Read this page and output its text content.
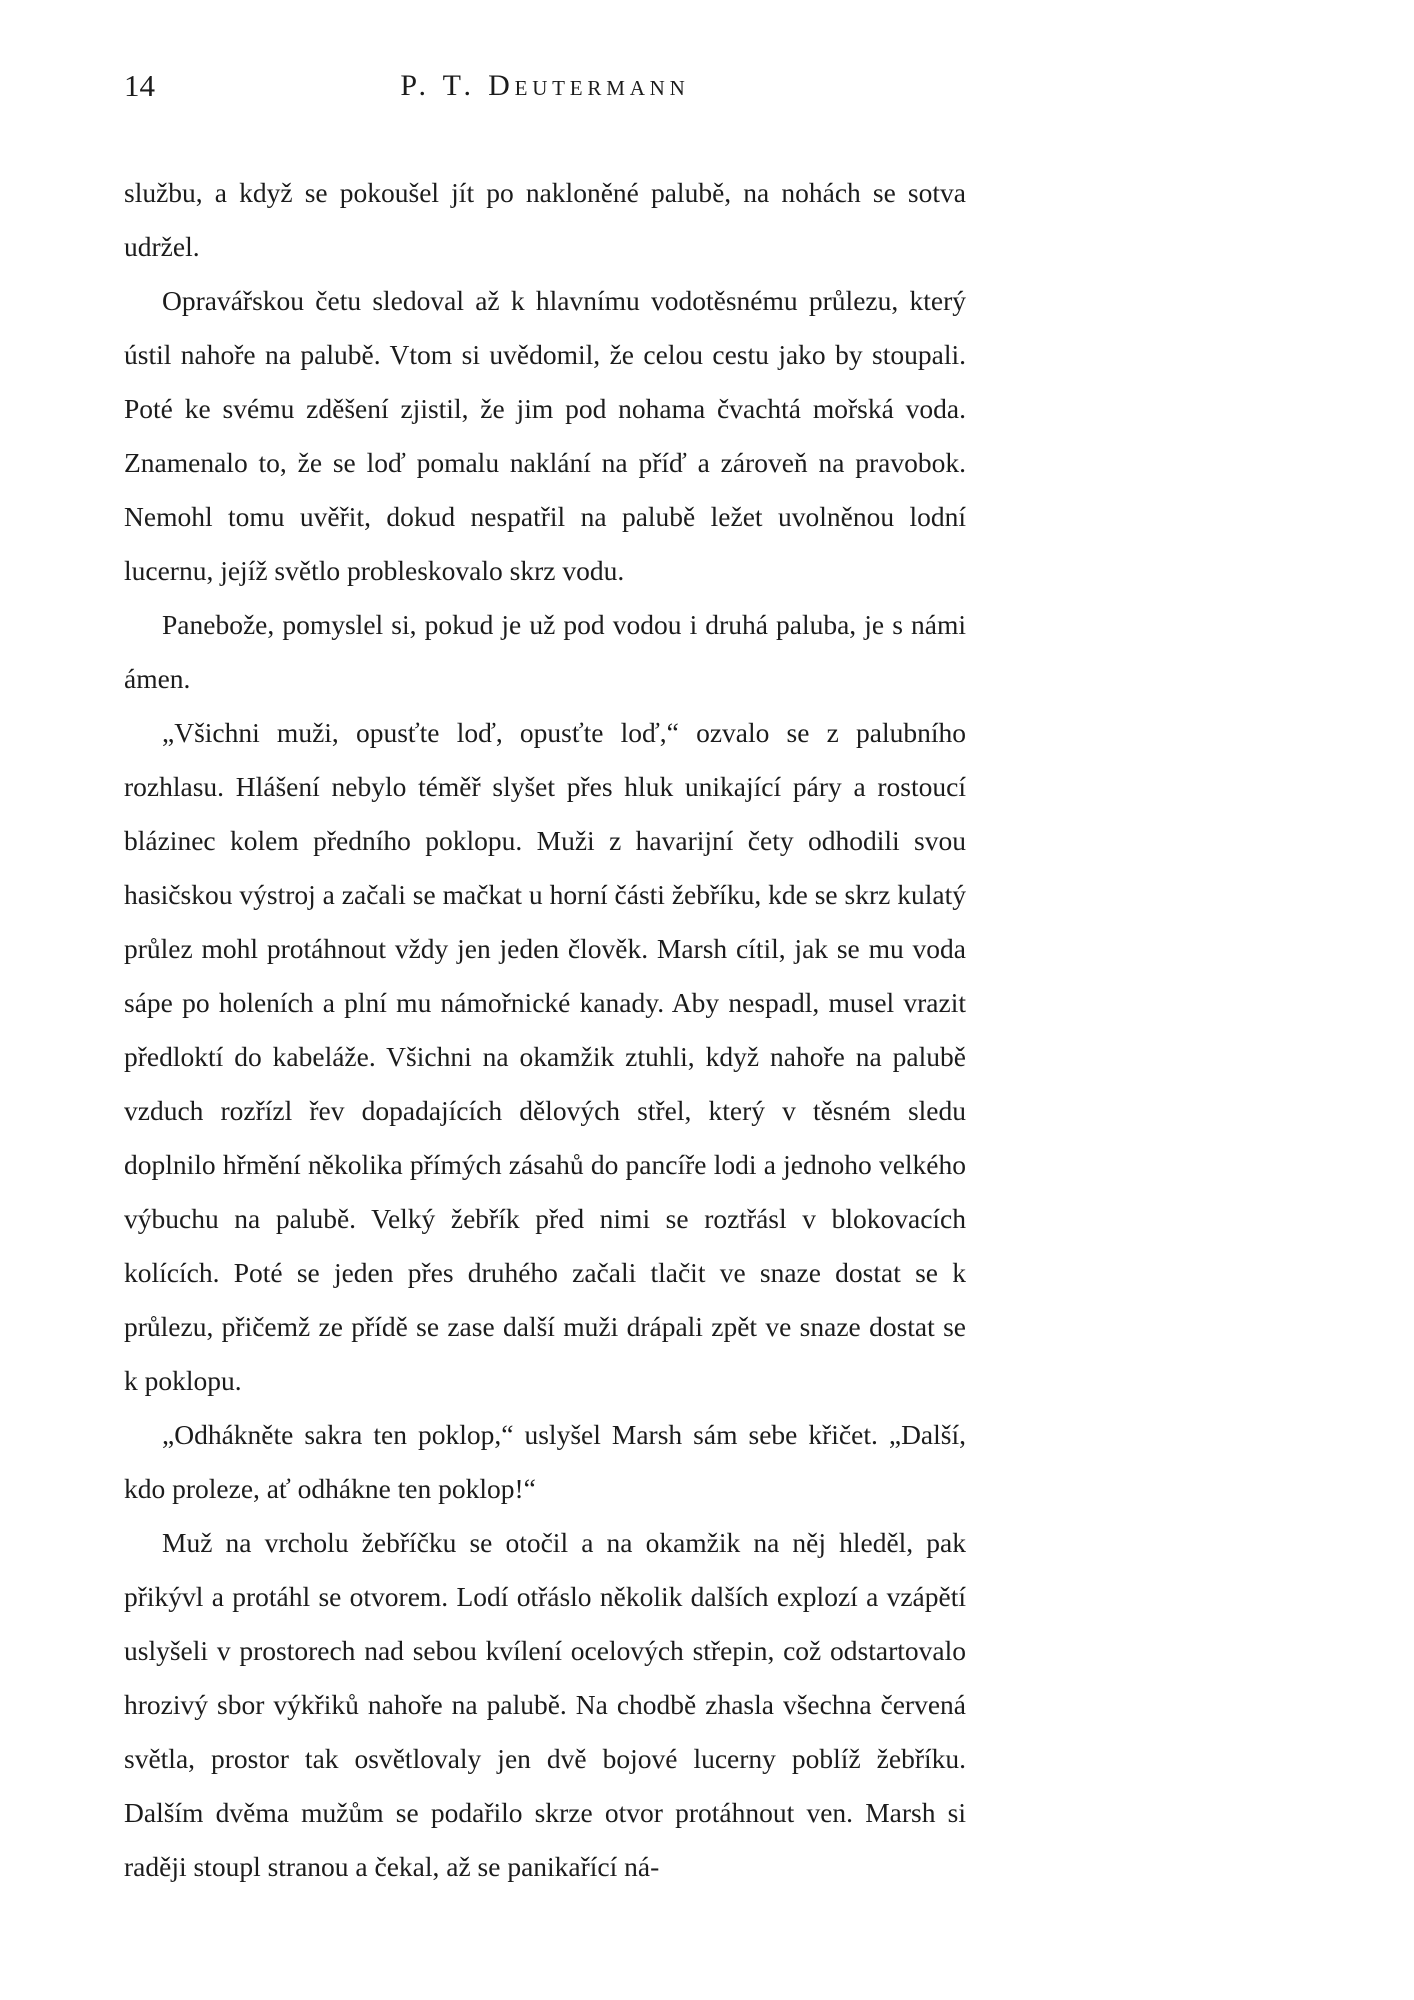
14	P. T. Deutermann

službu, a když se pokoušel jít po nakloněné palubě, na nohách se sotva udržel.

Opravářskou četu sledoval až k hlavnímu vodotěsnému průlezu, který ústil nahoře na palubě. Vtom si uvědomil, že celou cestu jako by stoupali. Poté ke svému zděšení zjistil, že jim pod nohama čvachtá mořská voda. Znamenalo to, že se loď pomalu naklání na příď a zároveň na pravobok. Nemohl tomu uvěřit, dokud nespatřil na palubě ležet uvolněnou lodní lucernu, jejíž světlo probleskovalo skrz vodu.

Panebože, pomyslel si, pokud je už pod vodou i druhá paluba, je s námi ámen.

„Všichni muži, opusťte loď, opusťte loď,“ ozvalo se z palubního rozhlasu. Hlášení nebylo téměř slyšet přes hluk unikající páry a rostoucí blázinec kolem předního poklopu. Muži z havarijní čety odhodili svou hasičskou výstroj a začali se mačkat u horní části žebříku, kde se skrz kulatý průlez mohl protáhnout vždy jen jeden člověk. Marsh cítil, jak se mu voda sápe po holeních a plní mu námořnické kanady. Aby nespadl, musel vrazit předloktí do kabeláže. Všichni na okamžik ztuhli, když nahoře na palubě vzduch rozřízl řev dopadajících dělových střel, který v těsném sledu doplnilo hřmění několika přímých zásahů do pancíře lodi a jednoho velkého výbuchu na palubě. Velký žebřík před nimi se roztřásl v blokovacích kolících. Poté se jeden přes druhého začali tlačit ve snaze dostat se k průlezu, přičemž ze přídě se zase další muži drápali zpět ve snaze dostat se k poklopu.

„Odhákněte sakra ten poklop,“ uslyšel Marsh sám sebe křičet. „Další, kdo proleze, ať odhákne ten poklop!“

Muž na vrcholu žebříčku se otočil a na okamžik na něj hleděl, pak přikývl a protáhl se otvorem. Lodí otřáslo několik dalších explozí a vzápětí uslyšeli v prostorech nad sebou kvílení ocelových střepin, což odstartovalo hrozivý sbor výkřiků nahoře na palubě. Na chodbě zhasla všechna červená světla, prostor tak osvětlovaly jen dvě bojové lucerny poblíž žebříku. Dalším dvěma mužům se podařilo skrze otvor protáhnout ven. Marsh si raději stoupl stranou a čekal, až se panikařící ná-
